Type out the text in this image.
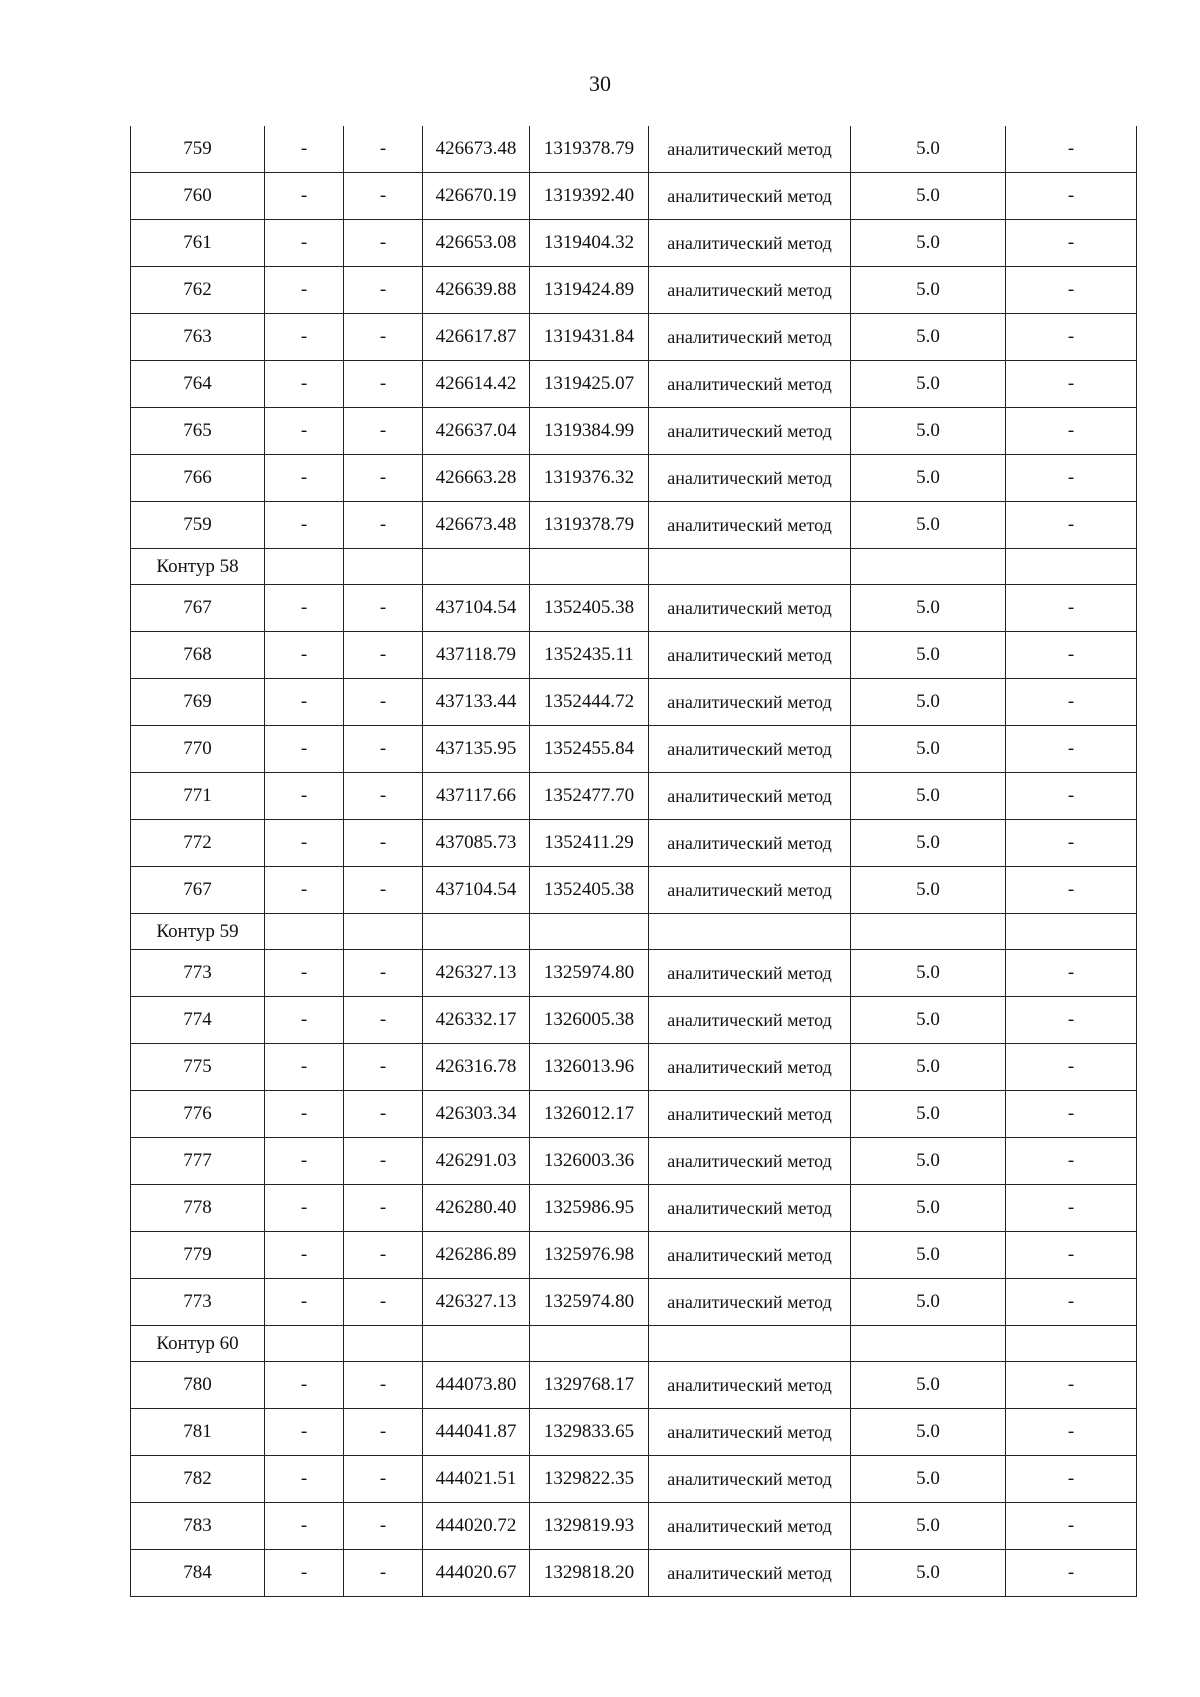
30
759	-	-	426673.48	1319378.79	аналитический метод	5.0	-
760	-	-	426670.19	1319392.40	аналитический метод	5.0	-
761	-	-	426653.08	1319404.32	аналитический метод	5.0	-
762	-	-	426639.88	1319424.89	аналитический метод	5.0	-
763	-	-	426617.87	1319431.84	аналитический метод	5.0	-
764	-	-	426614.42	1319425.07	аналитический метод	5.0	-
765	-	-	426637.04	1319384.99	аналитический метод	5.0	-
766	-	-	426663.28	1319376.32	аналитический метод	5.0	-
759	-	-	426673.48	1319378.79	аналитический метод	5.0	-
Контур 58							
767	-	-	437104.54	1352405.38	аналитический метод	5.0	-
768	-	-	437118.79	1352435.11	аналитический метод	5.0	-
769	-	-	437133.44	1352444.72	аналитический метод	5.0	-
770	-	-	437135.95	1352455.84	аналитический метод	5.0	-
771	-	-	437117.66	1352477.70	аналитический метод	5.0	-
772	-	-	437085.73	1352411.29	аналитический метод	5.0	-
767	-	-	437104.54	1352405.38	аналитический метод	5.0	-
Контур 59							
773	-	-	426327.13	1325974.80	аналитический метод	5.0	-
774	-	-	426332.17	1326005.38	аналитический метод	5.0	-
775	-	-	426316.78	1326013.96	аналитический метод	5.0	-
776	-	-	426303.34	1326012.17	аналитический метод	5.0	-
777	-	-	426291.03	1326003.36	аналитический метод	5.0	-
778	-	-	426280.40	1325986.95	аналитический метод	5.0	-
779	-	-	426286.89	1325976.98	аналитический метод	5.0	-
773	-	-	426327.13	1325974.80	аналитический метод	5.0	-
Контур 60							
780	-	-	444073.80	1329768.17	аналитический метод	5.0	-
781	-	-	444041.87	1329833.65	аналитический метод	5.0	-
782	-	-	444021.51	1329822.35	аналитический метод	5.0	-
783	-	-	444020.72	1329819.93	аналитический метод	5.0	-
784	-	-	444020.67	1329818.20	аналитический метод	5.0	-
